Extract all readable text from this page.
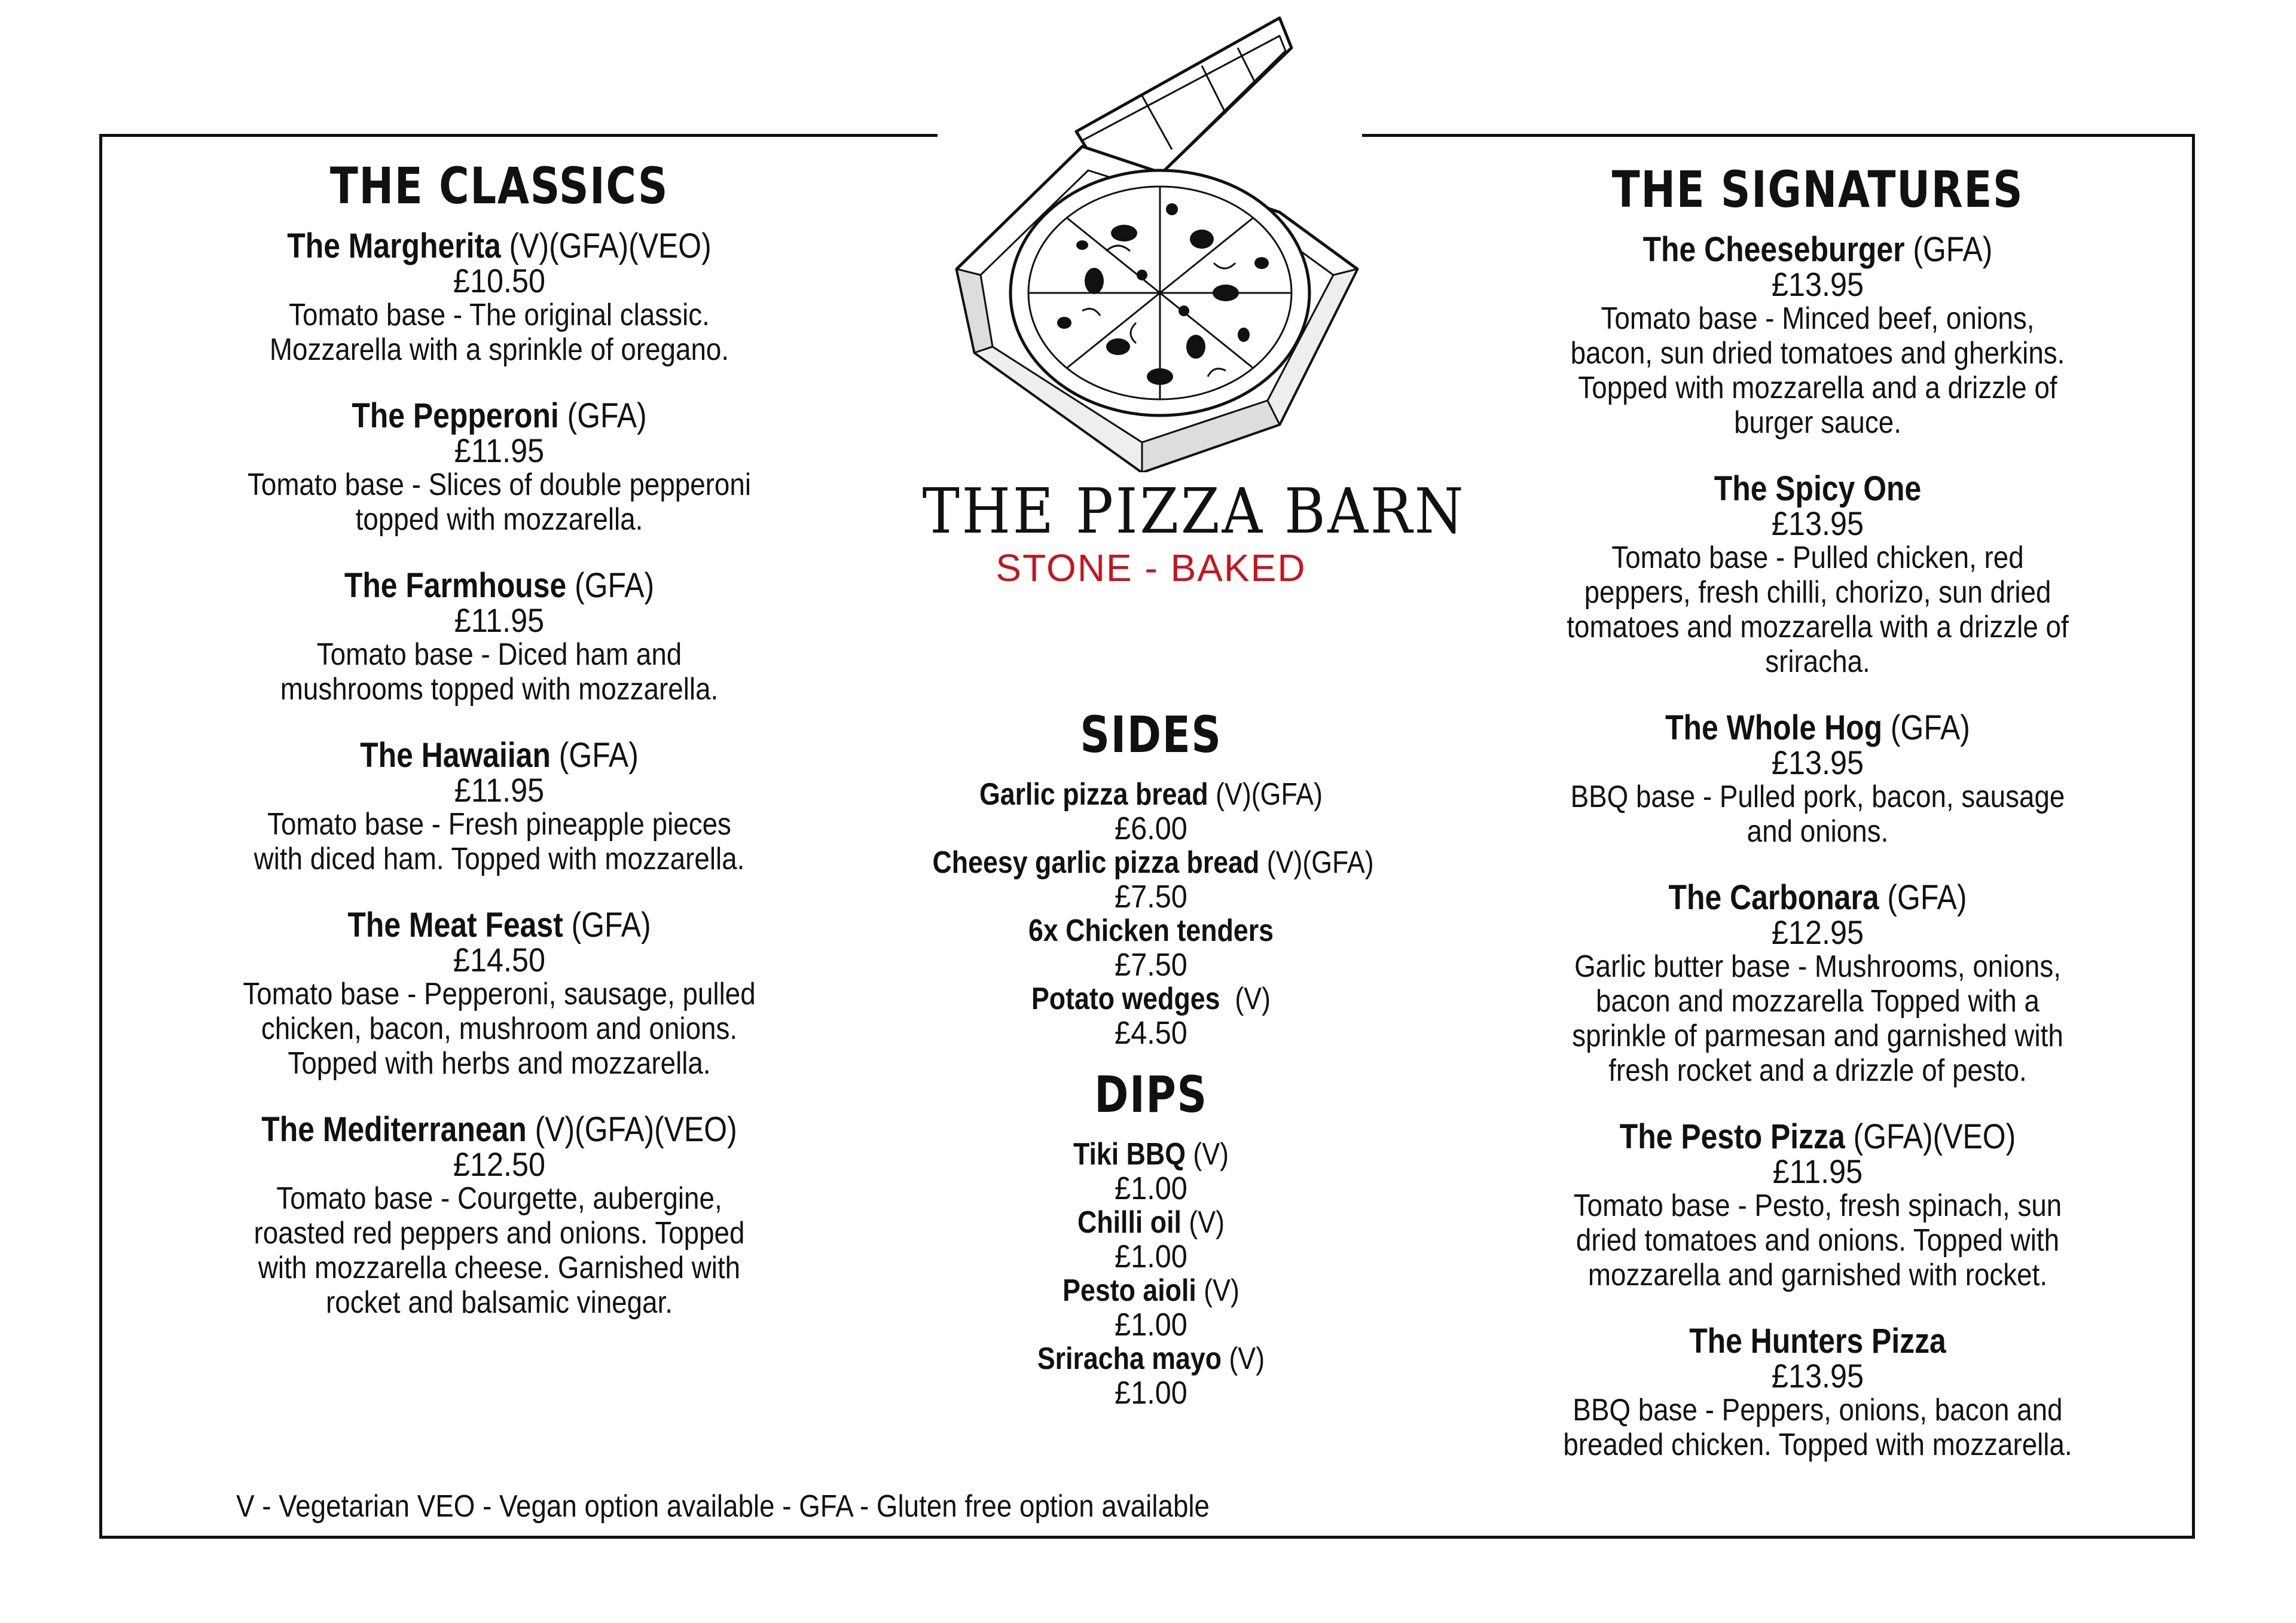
THE PIZZA BARN
STONE - BAKED
THE CLASSICS
The Margherita (V)(GFA)(VEO)
£10.50
Tomato base - The original classic.
Mozzarella with a sprinkle of oregano.
The Pepperoni (GFA)
£11.95
Tomato base - Slices of double pepperoni
topped with mozzarella.
The Farmhouse (GFA)
£11.95
Tomato base - Diced ham and
mushrooms topped with mozzarella.
The Hawaiian (GFA)
£11.95
Tomato base - Fresh pineapple pieces
with diced ham. Topped with mozzarella.
The Meat Feast (GFA)
£14.50
Tomato base - Pepperoni, sausage, pulled
chicken, bacon, mushroom and onions.
Topped with herbs and mozzarella.
The Mediterranean (V)(GFA)(VEO)
£12.50
Tomato base - Courgette, aubergine,
roasted red peppers and onions. Topped
with mozzarella cheese. Garnished with
rocket and balsamic vinegar.
THE SIGNATURES
The Cheeseburger (GFA)
£13.95
Tomato base - Minced beef, onions,
bacon, sun dried tomatoes and gherkins.
Topped with mozzarella and a drizzle of
burger sauce.
The Spicy One
£13.95
Tomato base - Pulled chicken, red
peppers, fresh chilli, chorizo, sun dried
tomatoes and mozzarella with a drizzle of
sriracha.
The Whole Hog (GFA)
£13.95
BBQ base - Pulled pork, bacon, sausage
and onions.
The Carbonara (GFA)
£12.95
Garlic butter base - Mushrooms, onions,
bacon and mozzarella Topped with a
sprinkle of parmesan and garnished with
fresh rocket and a drizzle of pesto.
The Pesto Pizza (GFA)(VEO)
£11.95
Tomato base - Pesto, fresh spinach, sun
dried tomatoes and onions. Topped with
mozzarella and garnished with rocket.
The Hunters Pizza
£13.95
BBQ base - Peppers, onions, bacon and
breaded chicken. Topped with mozzarella.
SIDES
Garlic pizza bread (V)(GFA)
£6.00
Cheesy garlic pizza bread (V)(GFA)
£7.50
6x Chicken tenders
£7.50
Potato wedges  (V)
£4.50
DIPS
Tiki BBQ (V)
£1.00
Chilli oil (V)
£1.00
Pesto aioli (V)
£1.00
Sriracha mayo (V)
£1.00
V - Vegetarian VEO - Vegan option available - GFA - Gluten free option available
